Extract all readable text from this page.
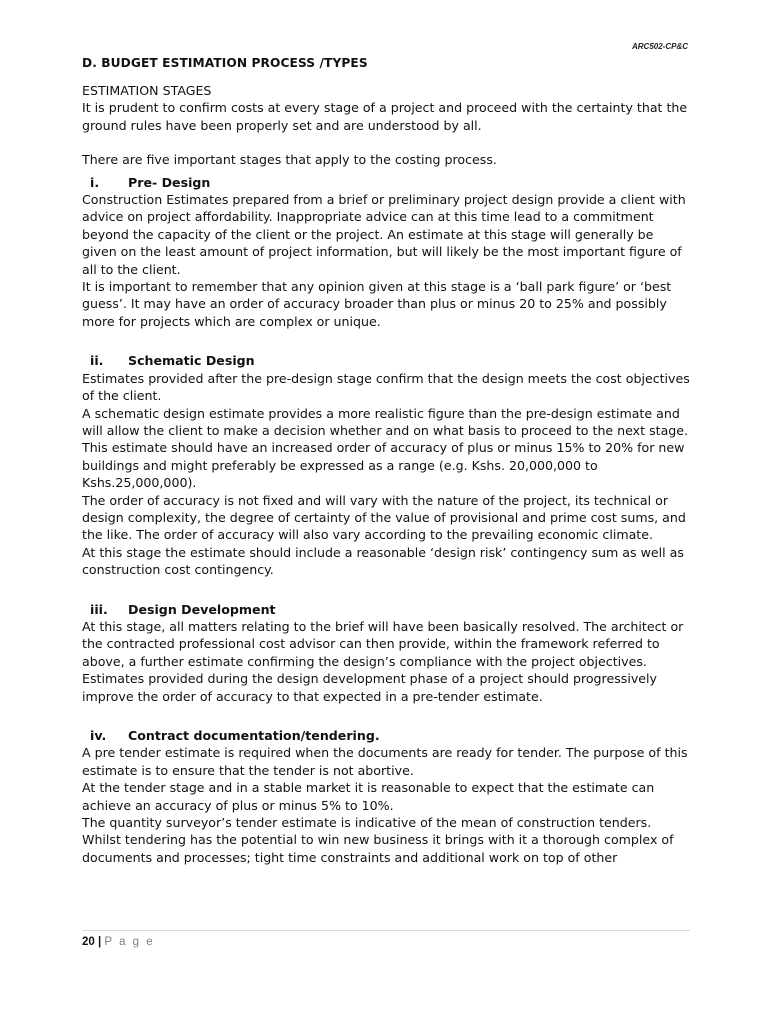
ARC502-CP&C
D. BUDGET ESTIMATION PROCESS /TYPES

ESTIMATION STAGES

It is prudent to confirm costs at every stage of a project and proceed with the certainty that the ground rules have been properly set and are understood by all.

There are five important stages that apply to the costing process.

i.	Pre- Design

Construction Estimates prepared from a brief or preliminary project design provide a client with advice on project affordability. Inappropriate advice can at this time lead to a commitment beyond the capacity of the client or the project. An estimate at this stage will generally be given on the least amount of project information, but will likely be the most important figure of all to the client.

It is important to remember that any opinion given at this stage is a ‘ball park figure’ or ‘best guess’. It may have an order of accuracy broader than plus or minus 20 to 25% and possibly more for projects which are complex or unique.

ii.	Schematic Design

Estimates provided after the pre-design stage confirm that the design meets the cost objectives of the client.

A schematic design estimate provides a more realistic figure than the pre-design estimate and will allow the client to make a decision whether and on what basis to proceed to the next stage.

This estimate should have an increased order of accuracy of plus or minus 15% to 20% for new buildings and might preferably be expressed as a range (e.g. Kshs. 20,000,000 to Kshs.25,000,000).

The order of accuracy is not fixed and will vary with the nature of the project, its technical or design complexity, the degree of certainty of the value of provisional and prime cost sums, and the like. The order of accuracy will also vary according to the prevailing economic climate.

At this stage the estimate should include a reasonable ‘design risk’ contingency sum as well as construction cost contingency.

iii.	Design Development

At this stage, all matters relating to the brief will have been basically resolved. The architect or the contracted professional cost advisor can then provide, within the framework referred to above, a further estimate confirming the design’s compliance with the project objectives.

Estimates provided during the design development phase of a project should progressively improve the order of accuracy to that expected in a pre-tender estimate.

iv.	Contract documentation/tendering.

A pre tender estimate is required when the documents are ready for tender. The purpose of this estimate is to ensure that the tender is not abortive.

At the tender stage and in a stable market it is reasonable to expect that the estimate can achieve an accuracy of plus or minus 5% to 10%.

The quantity surveyor’s tender estimate is indicative of the mean of construction tenders. Whilst tendering has the potential to win new business it brings with it a thorough complex of documents and processes; tight time constraints and additional work on top of other

20 | P a g e
